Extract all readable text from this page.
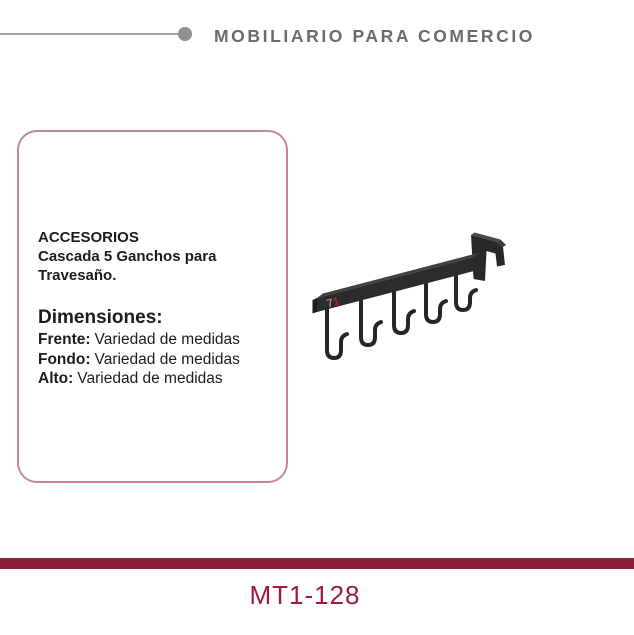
MOBILIARIO PARA COMERCIO
ACCESORIOS
Cascada 5 Ganchos para
Travesaño.
Dimensiones:
Frente: Variedad de medidas
Fondo: Variedad de medidas
Alto: Variedad de medidas
71
MT1-128
